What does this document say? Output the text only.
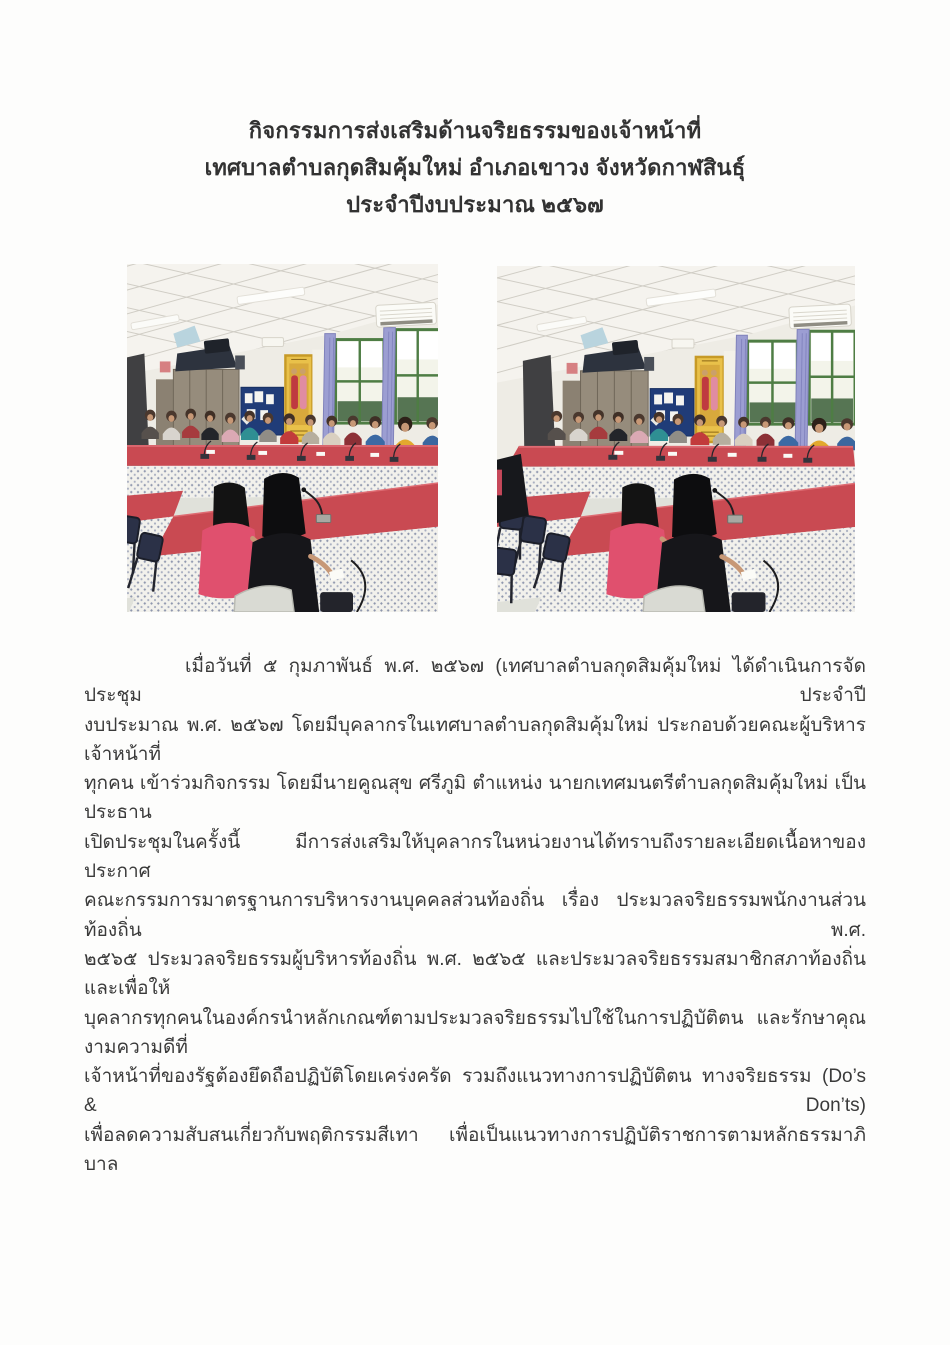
กิจกรรมการส่งเสริมด้านจริยธรรมของเจ้าหน้าที่
เทศบาลตำบลกุดสิมคุ้มใหม่ อำเภอเขาวง จังหวัดกาฬสินธุ์
ประจำปีงบประมาณ ๒๕๖๗
เมื่อวันที่ ๕ กุมภาพันธ์ พ.ศ. ๒๕๖๗ (เทศบาลตำบลกุดสิมคุ้มใหม่ ได้ดำเนินการจัดประชุม ประจำปี
งบประมาณ พ.ศ. ๒๕๖๗ โดยมีบุคลากรในเทศบาลตำบลกุดสิมคุ้มใหม่ ประกอบด้วยคณะผู้บริหาร เจ้าหน้าที่
ทุกคน เข้าร่วมกิจกรรม โดยมีนายคูณสุข ศรีภูมิ ตำแหน่ง นายกเทศมนตรีตำบลกุดสิมคุ้มใหม่ เป็นประธาน
เปิดประชุมในครั้งนี้ มีการส่งเสริมให้บุคลากรในหน่วยงานได้ทราบถึงรายละเอียดเนื้อหาของประกาศ
คณะกรรมการมาตรฐานการบริหารงานบุคคลส่วนท้องถิ่น เรื่อง ประมวลจริยธรรมพนักงานส่วนท้องถิ่น พ.ศ.
๒๕๖๕ ประมวลจริยธรรมผู้บริหารท้องถิ่น พ.ศ. ๒๕๖๕ และประมวลจริยธรรมสมาชิกสภาท้องถิ่น และเพื่อให้
บุคลากรทุกคนในองค์กรนำหลักเกณฑ์ตามประมวลจริยธรรมไปใช้ในการปฏิบัติตน และรักษาคุณงามความดีที่
เจ้าหน้าที่ของรัฐต้องยึดถือปฏิบัติโดยเคร่งครัด รวมถึงแนวทางการปฏิบัติตน ทางจริยธรรม (Do’s & Don’ts)
เพื่อลดความสับสนเกี่ยวกับพฤติกรรมสีเทา เพื่อเป็นแนวทางการปฏิบัติราชการตามหลักธรรมาภิบาล
